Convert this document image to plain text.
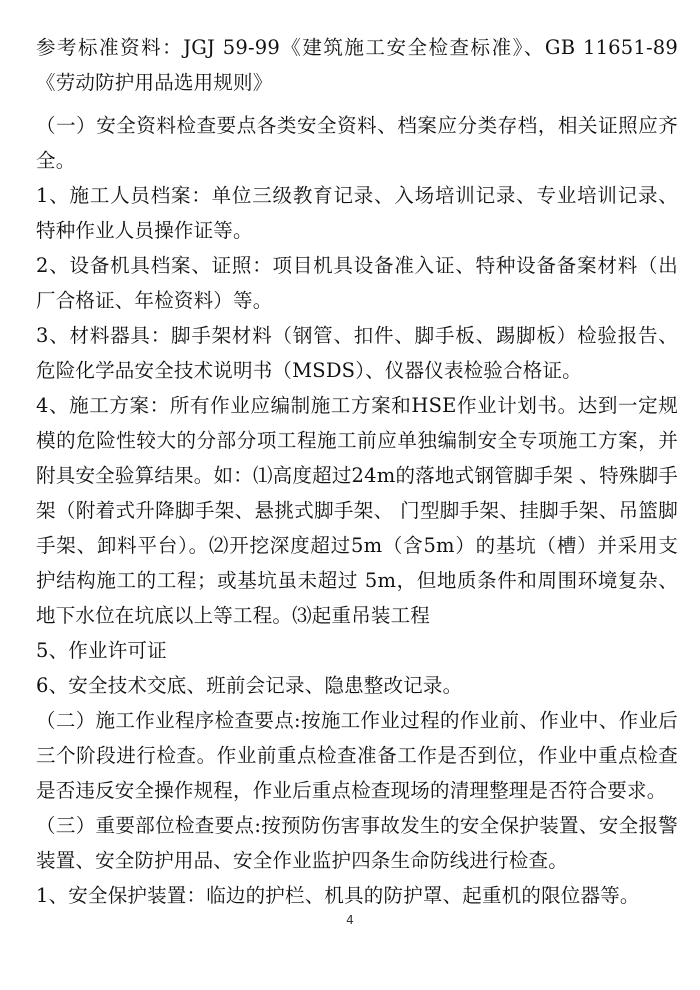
参考标准资料：JGJ 59-99《建筑施工安全检查标准》、GB 11651-89《劳动防护用品选用规则》

（一）安全资料检查要点各类安全资料、档案应分类存档，相关证照应齐全。

1、施工人员档案：单位三级教育记录、入场培训记录、专业培训记录、特种作业人员操作证等。

2、设备机具档案、证照：项目机具设备准入证、特种设备备案材料（出厂合格证、年检资料）等。

3、材料器具：脚手架材料（钢管、扣件、脚手板、踢脚板）检验报告、危险化学品安全技术说明书（MSDS）、仪器仪表检验合格证。

4、施工方案：所有作业应编制施工方案和HSE作业计划书。达到一定规模的危险性较大的分部分项工程施工前应单独编制安全专项施工方案，并附具安全验算结果。如：⑴高度超过24m的落地式钢管脚手架 、特殊脚手架（附着式升降脚手架、悬挑式脚手架、 门型脚手架、挂脚手架、吊篮脚手架、卸料平台）。⑵开挖深度超过5m（含5m）的基坑（槽）并采用支护结构施工的工程；或基坑虽未超过 5m，但地质条件和周围环境复杂、地下水位在坑底以上等工程。⑶起重吊装工程

5、作业许可证

6、安全技术交底、班前会记录、隐患整改记录。

（二）施工作业程序检查要点:按施工作业过程的作业前、作业中、作业后三个阶段进行检查。作业前重点检查准备工作是否到位，作业中重点检查是否违反安全操作规程，作业后重点检查现场的清理整理是否符合要求。

（三）重要部位检查要点:按预防伤害事故发生的安全保护装置、安全报警装置、安全防护用品、安全作业监护四条生命防线进行检查。

1、安全保护装置：临边的护栏、机具的防护罩、起重机的限位器等。

4
